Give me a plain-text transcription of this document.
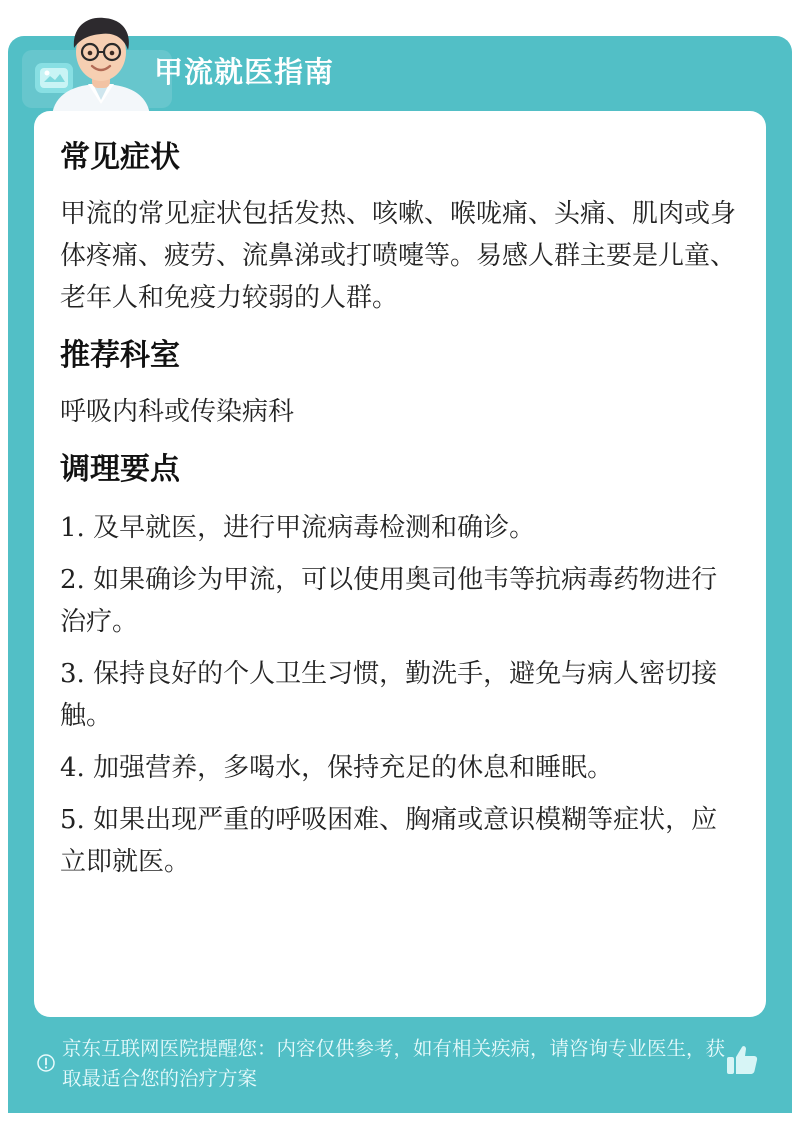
甲流就医指南
常见症状

甲流的常见症状包括发热、咳嗽、喉咙痛、头痛、肌肉或身体疼痛、疲劳、流鼻涕或打喷嚏等。易感人群主要是儿童、老年人和免疫力较弱的人群。

推荐科室

呼吸内科或传染病科

调理要点

1. 及早就医，进行甲流病毒检测和确诊。

2. 如果确诊为甲流，可以使用奥司他韦等抗病毒药物进行治疗。

3. 保持良好的个人卫生习惯，勤洗手，避免与病人密切接触。

4. 加强营养，多喝水，保持充足的休息和睡眠。

5. 如果出现严重的呼吸困难、胸痛或意识模糊等症状，应立即就医。

京东互联网医院提醒您：内容仅供参考，如有相关疾病，请咨询专业医生，获取最适合您的治疗方案
